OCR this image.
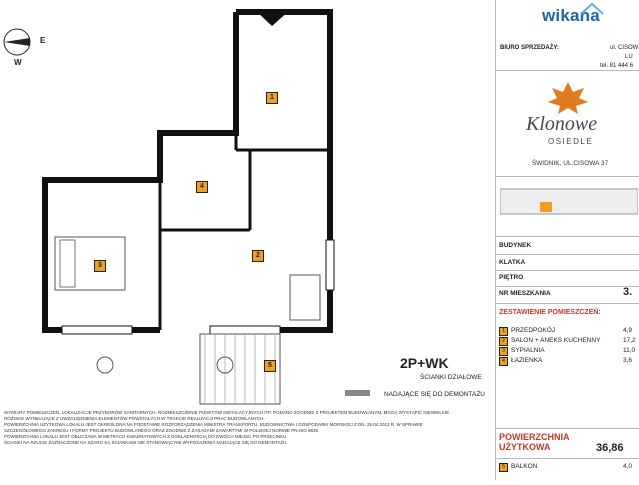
E
W
1
2
3
4
5	2P+WK
ŚCIANKI DZIAŁOWE
NADAJĄCE SIĘ DO DEMONTAŻU
WYMIARY POMIESZCZEŃ, LOKALIZACJE PRZYBORÓW SANITARNYCH, ROZMIESZCZENIE PUNKTÓW INSTALACYJNYCH ITP. PODANO ZGODNIE Z PROJEKTEM BUDOWLANYM. MOGĄ WYSTĄPIĆ NIEWIELKIE
RÓŻNICE WYNIKAJĄCE Z UWZGLĘDNIENIA ELEMENTÓW POWSTAŁYCH W TRAKCIE REALIZACJI PRAC BUDOWLANYCH.
POWIERZCHNIA UŻYTKOWA LOKALU JEST OKREŚLONA NA PODSTAWIE ROZPORZĄDZENIA MINISTRA TRANSPORTU, BUDOWNICTWA I GOSPODARKI MORSKIEJ Z DN. 25.04.2012 R. W SPRAWIE
SZCZEGÓŁOWEGO ZAKRESU I FORMY PROJEKTU BUDOWLANEGO ORAZ ZGODNIE Z ZASADAMI ZAWARTYMI W POLSKIEJ NORMIE PN-ISO 9836.
POWIERZCHNIA LOKALU JEST OBLICZANA W METRACH KWADRATOWYCH Z DOKŁADNOŚCIĄ DO DWÓCH MIEJSC PO PRZECINKU.
ŚCIANKI NA RZUCIE ZAZNACZONE NA SZARO SĄ ŚCIANKAMI NIE STANOWIĄCYMI WYPOSAŻENIA NADAJĄCE SIĘ DO DEMONTAŻU.
wikana
BIURO SPRZEDAŻY:	ul. CISOW
LU
tel. 81 444 6
Klonowe
OSIEDLE
ŚWIDNIK, UL.CISOWA 37
BUDYNEK
KLATKA
PIĘTRO
NR MIESZKANIA	3.
ZESTAWIENIE POMIESZCZEŃ:
1 PRZEDPOKÓJ	4,9
2 SALON + ANEKS KUCHENNY	17,2
3 SYPIALNIA	11,0
4 ŁAZIENKA	3,6
POWIERZCHNIA
UŻYTKOWA	36,86
5 BALKON	4,0
